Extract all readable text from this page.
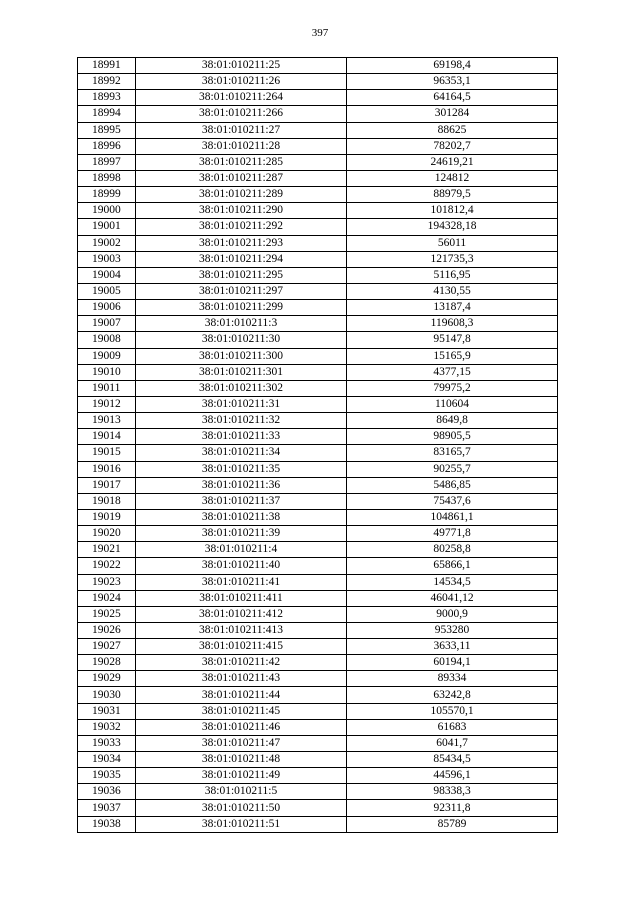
397
18991	38:01:010211:25	69198,4
18992	38:01:010211:26	96353,1
18993	38:01:010211:264	64164,5
18994	38:01:010211:266	301284
18995	38:01:010211:27	88625
18996	38:01:010211:28	78202,7
18997	38:01:010211:285	24619,21
18998	38:01:010211:287	124812
18999	38:01:010211:289	88979,5
19000	38:01:010211:290	101812,4
19001	38:01:010211:292	194328,18
19002	38:01:010211:293	56011
19003	38:01:010211:294	121735,3
19004	38:01:010211:295	5116,95
19005	38:01:010211:297	4130,55
19006	38:01:010211:299	13187,4
19007	38:01:010211:3	119608,3
19008	38:01:010211:30	95147,8
19009	38:01:010211:300	15165,9
19010	38:01:010211:301	4377,15
19011	38:01:010211:302	79975,2
19012	38:01:010211:31	110604
19013	38:01:010211:32	8649,8
19014	38:01:010211:33	98905,5
19015	38:01:010211:34	83165,7
19016	38:01:010211:35	90255,7
19017	38:01:010211:36	5486,85
19018	38:01:010211:37	75437,6
19019	38:01:010211:38	104861,1
19020	38:01:010211:39	49771,8
19021	38:01:010211:4	80258,8
19022	38:01:010211:40	65866,1
19023	38:01:010211:41	14534,5
19024	38:01:010211:411	46041,12
19025	38:01:010211:412	9000,9
19026	38:01:010211:413	953280
19027	38:01:010211:415	3633,11
19028	38:01:010211:42	60194,1
19029	38:01:010211:43	89334
19030	38:01:010211:44	63242,8
19031	38:01:010211:45	105570,1
19032	38:01:010211:46	61683
19033	38:01:010211:47	6041,7
19034	38:01:010211:48	85434,5
19035	38:01:010211:49	44596,1
19036	38:01:010211:5	98338,3
19037	38:01:010211:50	92311,8
19038	38:01:010211:51	85789
